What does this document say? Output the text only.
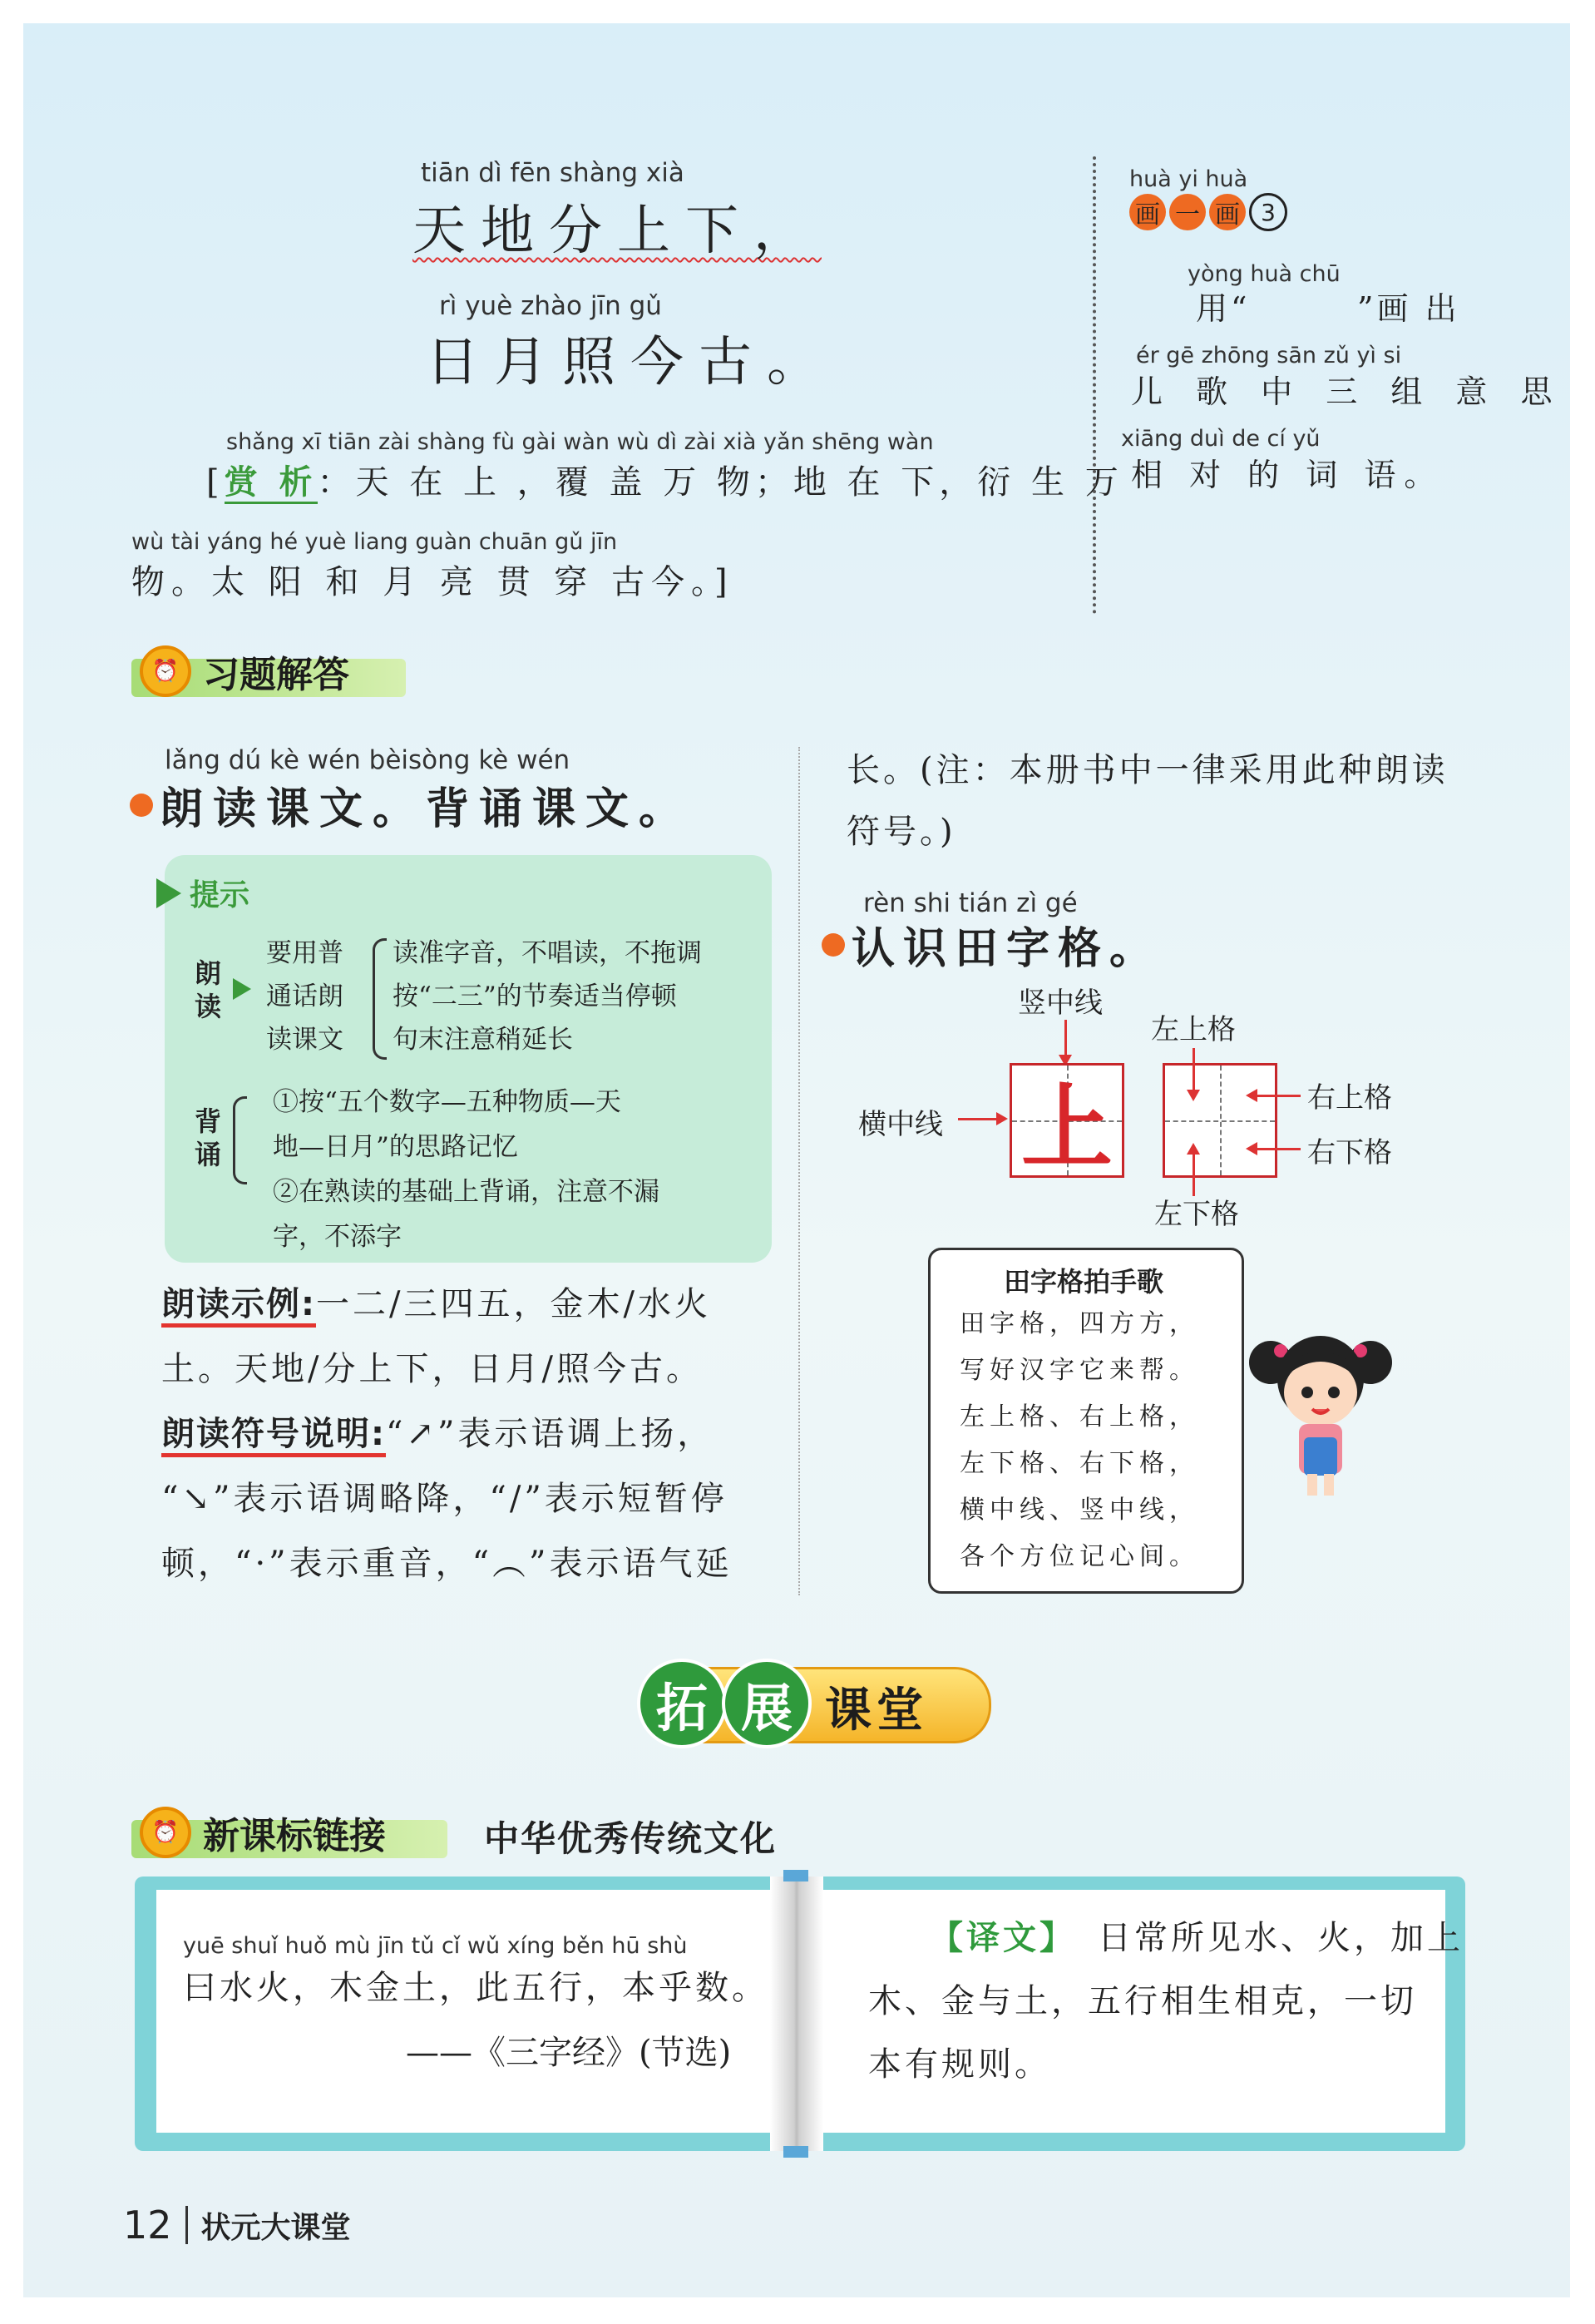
tiān dì fēn shàng xià
天地分上下，
rì yuè zhào jīn gǔ
日月照今古。
shǎng xī tiān zài shàng fù gài wàn wù dì zài xià yǎn shēng wàn
[赏 析：天 在 上 ，覆 盖 万 物；地 在 下，衍 生 万
wù tài yáng hé yuè liang guàn chuān gǔ jīn
物。太 阳 和 月 亮 贯 穿 古今。]
huà yi huà
画 一 画 3
yòng huà chū
用“        ”画 出
ér gē zhōng sān zǔ yì si
儿 歌 中 三 组 意 思
xiāng duì de cí yǔ
相 对 的 词 语。
⏰ 习题解答
lǎng dú kè wén bèisòng kè wén
朗读课文。背诵课文。
提示
朗读
要用普
通话朗
读课文
读准字音，不唱读，不拖调
按“二三”的节奏适当停顿
句末注意稍延长
背诵
①按“五个数字—五种物质—天
地—日月”的思路记忆
②在熟读的基础上背诵，注意不漏
字，不添字
朗读示例:一二/三四五，金木/水火
土。天地/分上下，日月/照今古。
朗读符号说明:“↗”表示语调上扬，
“↘”表示语调略降，“/”表示短暂停
顿，“·”表示重音，“︵”表示语气延
长。(注：本册书中一律采用此种朗读
符号。)
rèn shi tián zì gé
认识田字格。
竖中线
上
横中线
左上格
右上格
右下格
左下格
田字格拍手歌
田字格，四方方，
写好汉字它来帮。
左上格、右上格，
左下格、右下格，
横中线、竖中线，
各个方位记心间。
拓 展 课堂
⏰ 新课标链接	中华优秀传统文化
yuē shuǐ huǒ mù jīn tǔ cǐ wǔ xíng běn hū shù
曰水火，木金土，此五行，本乎数。
——《三字经》(节选)
【译文】 日常所见水、火，加上
木、金与土，五行相生相克，一切
本有规则。
12 状元大课堂
